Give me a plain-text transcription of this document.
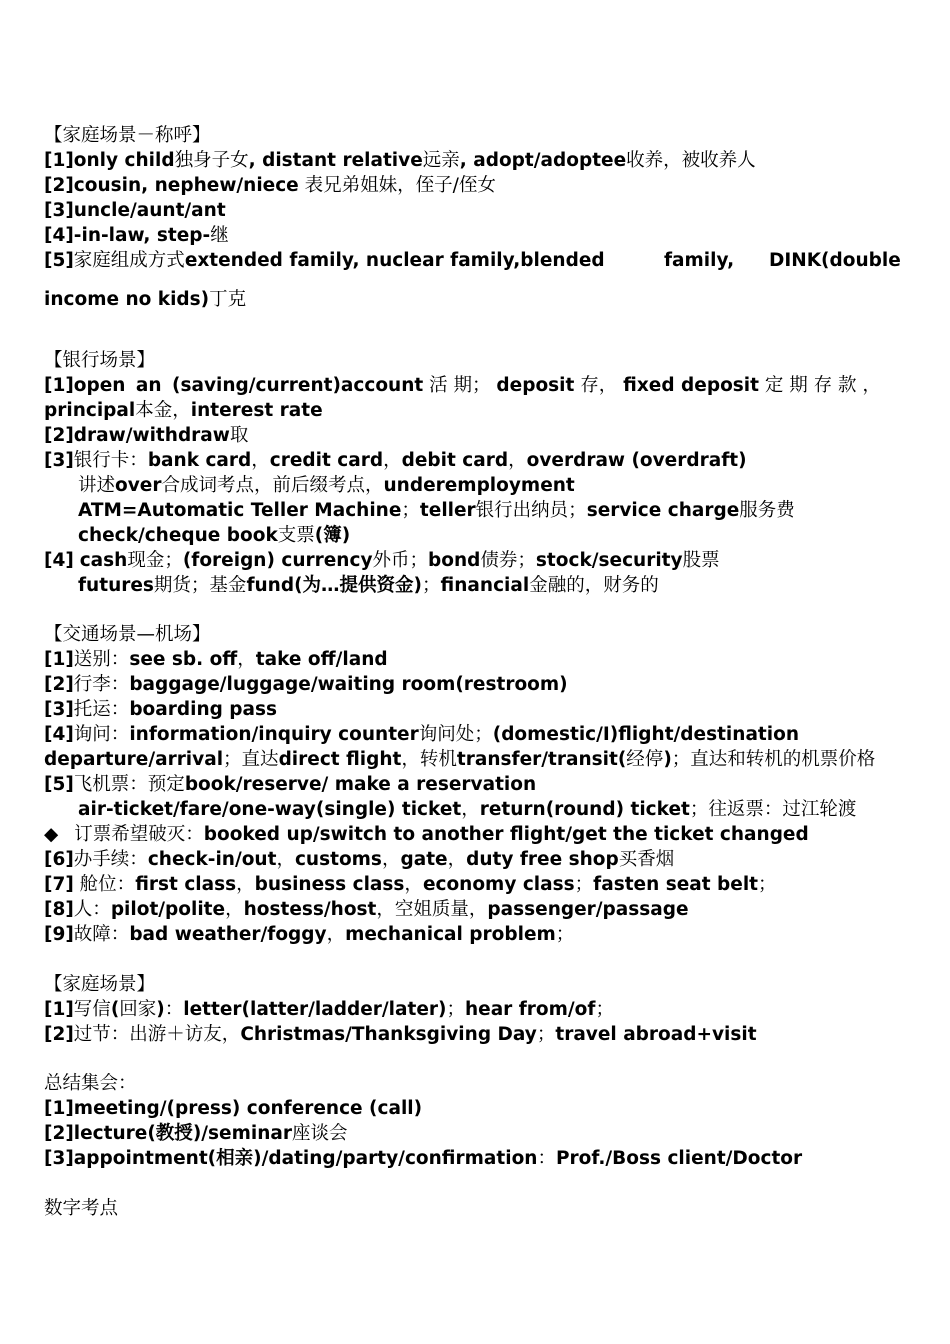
【家庭场景－称呼】
[1]only child独身子女, distant relative远亲, adopt/adoptee收养，被收养人
[2]cousin, nephew/niece 表兄弟姐妹，侄子/侄女
[3]uncle/aunt/ant
[4]-in-law, step-继
[5]家庭组成方式extended family, nuclear family,blended	family, DINK(double
income no kids)丁克
【银行场景】
[1]open an (saving/current)account 活 期； deposit 存， fixed deposit 定 期 存 款 ，
principal本金，interest rate
[2]draw/withdraw取
[3]银行卡：bank card，credit card，debit card，overdraw (overdraft)
讲述over合成词考点，前后缀考点，underemployment
ATM=Automatic Teller Machine；teller银行出纳员；service charge服务费
check/cheque book支票(簿)
[4] cash现金；(foreign) currency外币；bond债券；stock/security股票
futures期货；基金fund(为…提供资金)；financial金融的，财务的
【交通场景—机场】
[1]送别：see sb. off，take off/land
[2]行李：baggage/luggage/waiting room(restroom)
[3]托运：boarding pass
[4]询问：information/inquiry counter询问处；(domestic/I)flight/destination
departure/arrival；直达direct flight，转机transfer/transit(经停)；直达和转机的机票价格
[5]飞机票：预定book/reserve/ make a reservation
air-ticket/fare/one-way(single) ticket，return(round) ticket；往返票：过江轮渡
◆ 订票希望破灭：booked up/switch to another flight/get the ticket changed
[6]办手续：check-in/out，customs，gate，duty free shop买香烟
[7] 舱位：first class，business class，economy class；fasten seat belt；
[8]人：pilot/polite，hostess/host，空姐质量，passenger/passage
[9]故障：bad weather/foggy，mechanical problem；
【家庭场景】
[1]写信(回家)：letter(latter/ladder/later)；hear from/of；
[2]过节：出游＋访友，Christmas/Thanksgiving Day；travel abroad+visit
总结集会：
[1]meeting/(press) conference (call)
[2]lecture(教授)/seminar座谈会
[3]appointment(相亲)/dating/party/confirmation：Prof./Boss client/Doctor
数字考点
